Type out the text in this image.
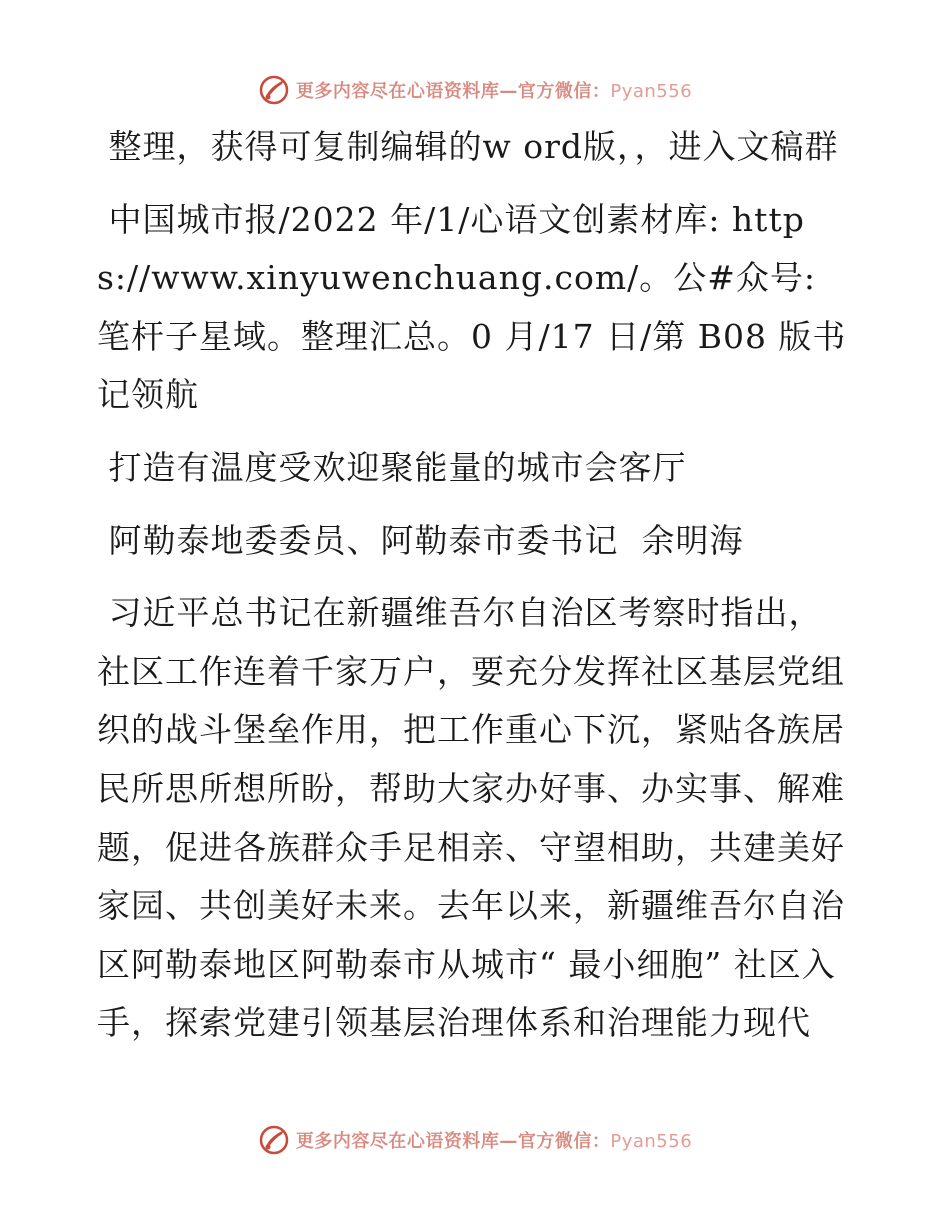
更多内容尽在心语资料库—官方微信：Pyan556

整理，获得可复制编辑的w ord版，，进入文稿群

中国城市报/2022 年/1/心语文创素材库: https://www.xinyuwenchuang.com/。公#众号: 笔杆子星域。整理汇总。0 月/17 日/第 B08 版书记领航

打造有温度受欢迎聚能量的城市会客厅

阿勒泰地委委员、阿勒泰市委书记  余明海

习近平总书记在新疆维吾尔自治区考察时指出，社区工作连着千家万户，要充分发挥社区基层党组织的战斗堡垒作用，把工作重心下沉，紧贴各族居民所思所想所盼，帮助大家办好事、办实事、解难题，促进各族群众手足相亲、守望相助，共建美好家园、共创美好未来。去年以来，新疆维吾尔自治区阿勒泰地区阿勒泰市从城市“ 最小细胞” 社区入手，探索党建引领基层治理体系和治理能力现代

更多内容尽在心语资料库—官方微信：Pyan556
